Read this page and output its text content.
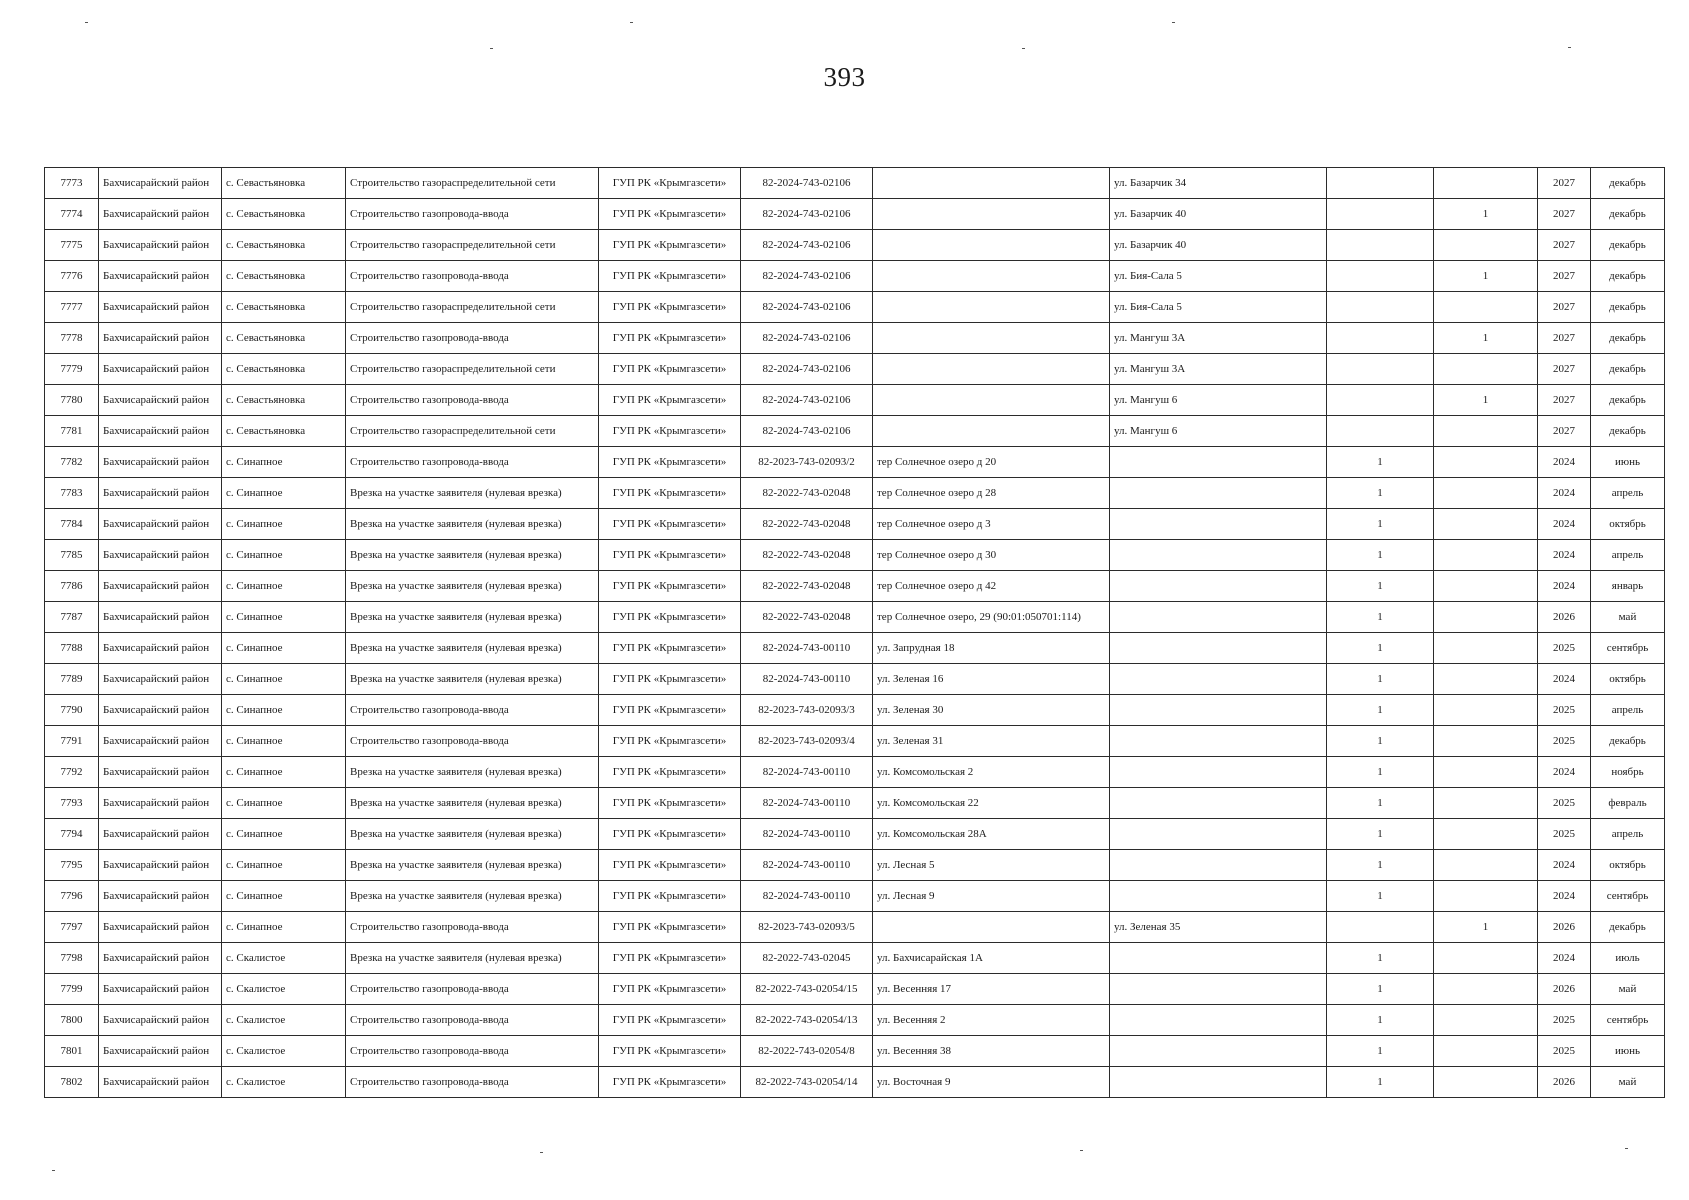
393
7773	Бахчисарайский район	с. Севастьяновка	Строительство газораспределительной сети	ГУП РК «Крымгазсети»	82-2024-743-02106		ул. Базарчик 34			2027	декабрь
7774	Бахчисарайский район	с. Севастьяновка	Строительство газопровода-ввода	ГУП РК «Крымгазсети»	82-2024-743-02106		ул. Базарчик 40		1	2027	декабрь
7775	Бахчисарайский район	с. Севастьяновка	Строительство газораспределительной сети	ГУП РК «Крымгазсети»	82-2024-743-02106		ул. Базарчик 40			2027	декабрь
7776	Бахчисарайский район	с. Севастьяновка	Строительство газопровода-ввода	ГУП РК «Крымгазсети»	82-2024-743-02106		ул. Бия-Сала 5		1	2027	декабрь
7777	Бахчисарайский район	с. Севастьяновка	Строительство газораспределительной сети	ГУП РК «Крымгазсети»	82-2024-743-02106		ул. Бия-Сала 5			2027	декабрь
7778	Бахчисарайский район	с. Севастьяновка	Строительство газопровода-ввода	ГУП РК «Крымгазсети»	82-2024-743-02106		ул. Мангуш 3А		1	2027	декабрь
7779	Бахчисарайский район	с. Севастьяновка	Строительство газораспределительной сети	ГУП РК «Крымгазсети»	82-2024-743-02106		ул. Мангуш 3А			2027	декабрь
7780	Бахчисарайский район	с. Севастьяновка	Строительство газопровода-ввода	ГУП РК «Крымгазсети»	82-2024-743-02106		ул. Мангуш 6		1	2027	декабрь
7781	Бахчисарайский район	с. Севастьяновка	Строительство газораспределительной сети	ГУП РК «Крымгазсети»	82-2024-743-02106		ул. Мангуш 6			2027	декабрь
7782	Бахчисарайский район	с. Синапное	Строительство газопровода-ввода	ГУП РК «Крымгазсети»	82-2023-743-02093/2	тер Солнечное озеро д 20		1		2024	июнь
7783	Бахчисарайский район	с. Синапное	Врезка на участке заявителя (нулевая врезка)	ГУП РК «Крымгазсети»	82-2022-743-02048	тер Солнечное озеро д 28		1		2024	апрель
7784	Бахчисарайский район	с. Синапное	Врезка на участке заявителя (нулевая врезка)	ГУП РК «Крымгазсети»	82-2022-743-02048	тер Солнечное озеро д 3		1		2024	октябрь
7785	Бахчисарайский район	с. Синапное	Врезка на участке заявителя (нулевая врезка)	ГУП РК «Крымгазсети»	82-2022-743-02048	тер Солнечное озеро д 30		1		2024	апрель
7786	Бахчисарайский район	с. Синапное	Врезка на участке заявителя (нулевая врезка)	ГУП РК «Крымгазсети»	82-2022-743-02048	тер Солнечное озеро д 42		1		2024	январь
7787	Бахчисарайский район	с. Синапное	Врезка на участке заявителя (нулевая врезка)	ГУП РК «Крымгазсети»	82-2022-743-02048	тер Солнечное озеро, 29 (90:01:050701:114)		1		2026	май
7788	Бахчисарайский район	с. Синапное	Врезка на участке заявителя (нулевая врезка)	ГУП РК «Крымгазсети»	82-2024-743-00110	ул. Запрудная 18		1		2025	сентябрь
7789	Бахчисарайский район	с. Синапное	Врезка на участке заявителя (нулевая врезка)	ГУП РК «Крымгазсети»	82-2024-743-00110	ул. Зеленая 16		1		2024	октябрь
7790	Бахчисарайский район	с. Синапное	Строительство газопровода-ввода	ГУП РК «Крымгазсети»	82-2023-743-02093/3	ул. Зеленая 30		1		2025	апрель
7791	Бахчисарайский район	с. Синапное	Строительство газопровода-ввода	ГУП РК «Крымгазсети»	82-2023-743-02093/4	ул. Зеленая 31		1		2025	декабрь
7792	Бахчисарайский район	с. Синапное	Врезка на участке заявителя (нулевая врезка)	ГУП РК «Крымгазсети»	82-2024-743-00110	ул. Комсомольская 2		1		2024	ноябрь
7793	Бахчисарайский район	с. Синапное	Врезка на участке заявителя (нулевая врезка)	ГУП РК «Крымгазсети»	82-2024-743-00110	ул. Комсомольская 22		1		2025	февраль
7794	Бахчисарайский район	с. Синапное	Врезка на участке заявителя (нулевая врезка)	ГУП РК «Крымгазсети»	82-2024-743-00110	ул. Комсомольская 28А		1		2025	апрель
7795	Бахчисарайский район	с. Синапное	Врезка на участке заявителя (нулевая врезка)	ГУП РК «Крымгазсети»	82-2024-743-00110	ул. Лесная 5		1		2024	октябрь
7796	Бахчисарайский район	с. Синапное	Врезка на участке заявителя (нулевая врезка)	ГУП РК «Крымгазсети»	82-2024-743-00110	ул. Лесная 9		1		2024	сентябрь
7797	Бахчисарайский район	с. Синапное	Строительство газопровода-ввода	ГУП РК «Крымгазсети»	82-2023-743-02093/5		ул. Зеленая 35		1	2026	декабрь
7798	Бахчисарайский район	с. Скалистое	Врезка на участке заявителя (нулевая врезка)	ГУП РК «Крымгазсети»	82-2022-743-02045	ул. Бахчисарайская 1А		1		2024	июль
7799	Бахчисарайский район	с. Скалистое	Строительство газопровода-ввода	ГУП РК «Крымгазсети»	82-2022-743-02054/15	ул. Весенняя 17		1		2026	май
7800	Бахчисарайский район	с. Скалистое	Строительство газопровода-ввода	ГУП РК «Крымгазсети»	82-2022-743-02054/13	ул. Весенняя 2		1		2025	сентябрь
7801	Бахчисарайский район	с. Скалистое	Строительство газопровода-ввода	ГУП РК «Крымгазсети»	82-2022-743-02054/8	ул. Весенняя 38		1		2025	июнь
7802	Бахчисарайский район	с. Скалистое	Строительство газопровода-ввода	ГУП РК «Крымгазсети»	82-2022-743-02054/14	ул. Восточная 9		1		2026	май
